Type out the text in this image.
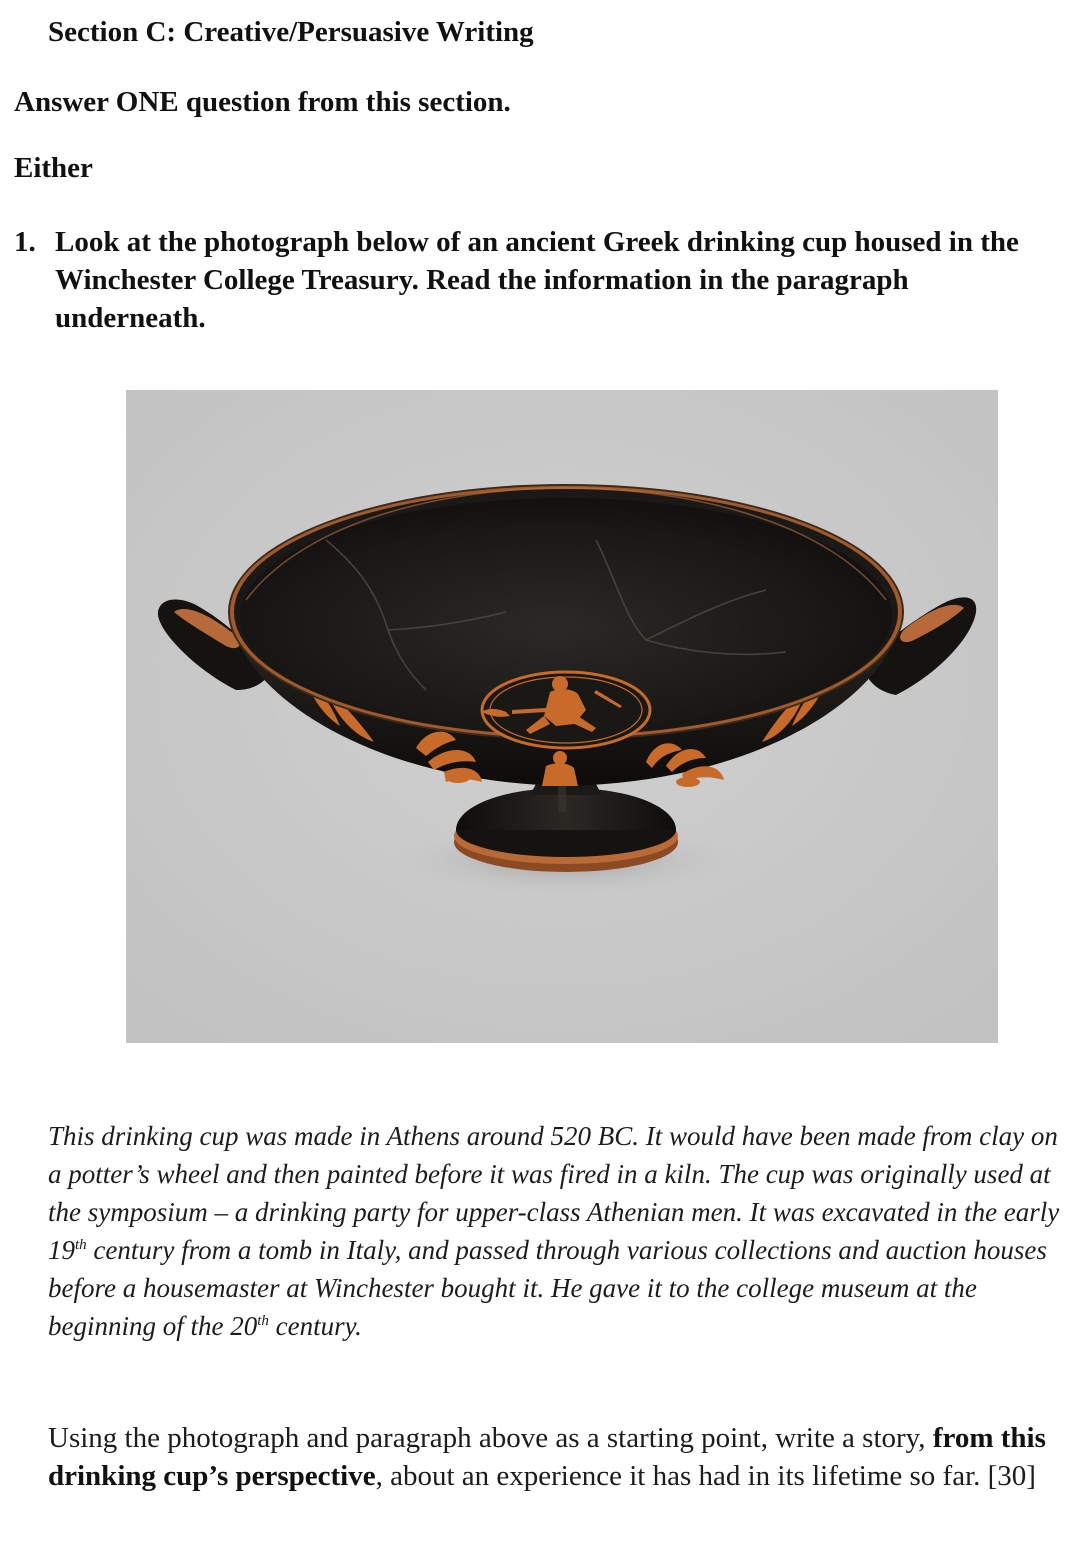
Section C: Creative/Persuasive Writing
Answer ONE question from this section.
Either
1. Look at the photograph below of an ancient Greek drinking cup housed in the Winchester College Treasury. Read the information in the paragraph underneath.
This drinking cup was made in Athens around 520 BC. It would have been made from clay on a potter’s wheel and then painted before it was fired in a kiln. The cup was originally used at the symposium – a drinking party for upper-class Athenian men. It was excavated in the early 19th century from a tomb in Italy, and passed through various collections and auction houses before a housemaster at Winchester bought it. He gave it to the college museum at the beginning of the 20th century.
Using the photograph and paragraph above as a starting point, write a story, from this drinking cup’s perspective, about an experience it has had in its lifetime so far. [30]
